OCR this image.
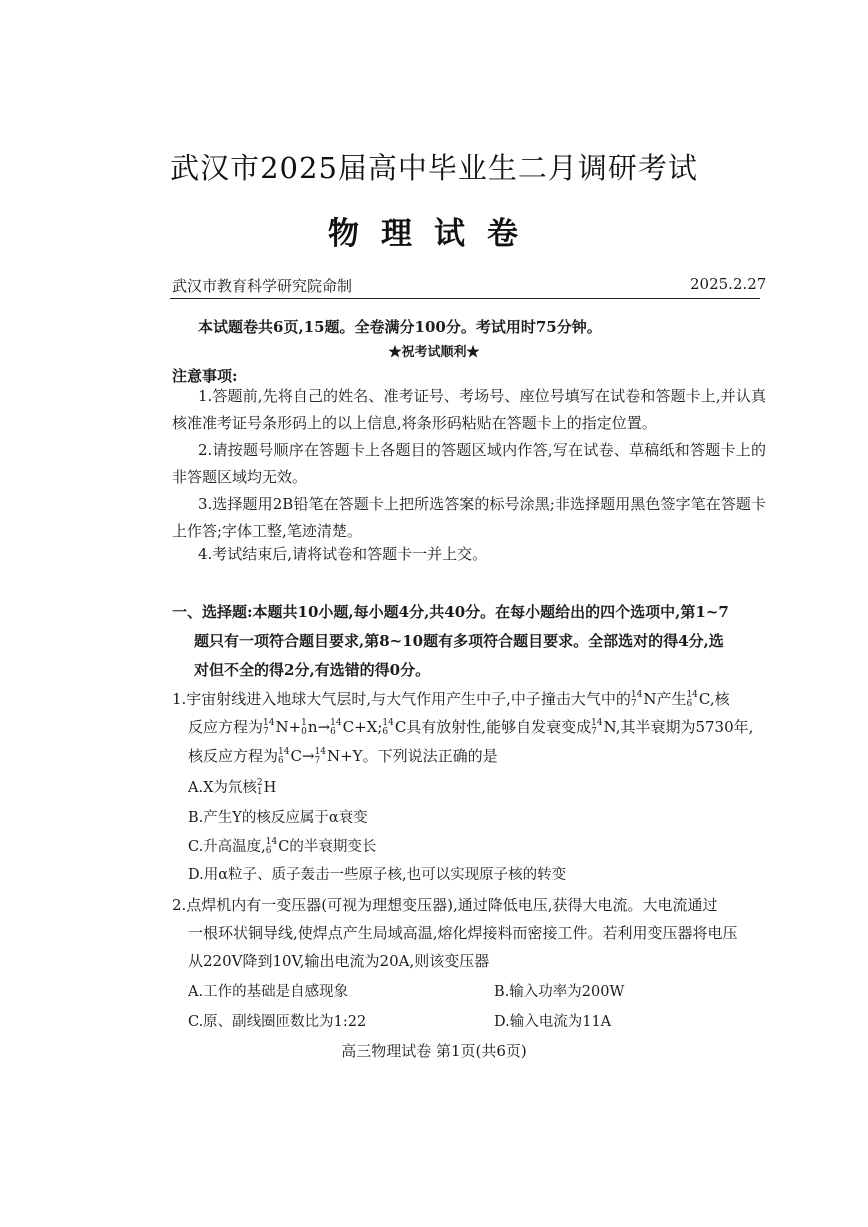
武汉市2025届高中毕业生二月调研考试
物理试卷
武汉市教育科学研究院命制	2025.2.27
本试题卷共6页,15题。全卷满分100分。考试用时75分钟。
★祝考试顺利★
注意事项:
1.答题前,先将自己的姓名、准考证号、考场号、座位号填写在试卷和答题卡上,并认真核准准考证号条形码上的以上信息,将条形码粘贴在答题卡上的指定位置。
2.请按题号顺序在答题卡上各题目的答题区域内作答,写在试卷、草稿纸和答题卡上的非答题区域均无效。
3.选择题用2B铅笔在答题卡上把所选答案的标号涂黑;非选择题用黑色签字笔在答题卡上作答;字体工整,笔迹清楚。
4.考试结束后,请将试卷和答题卡一并上交。
一、选择题:本题共10小题,每小题4分,共40分。在每小题给出的四个选项中,第1~7
题只有一项符合题目要求,第8~10题有多项符合题目要求。全部选对的得4分,选
对但不全的得2分,有选错的得0分。
1.宇宙射线进入地球大气层时,与大气作用产生中子,中子撞击大气中的 14
7 N产生 14
6 C,核
反应方程为 14
7 N+ 1
0 n→ 14
6 C+X; 14
6 C具有放射性,能够自发衰变成 14
7 N,其半衰期为5730年,
核反应方程为 14
6 C→ 14
7 N+Y。下列说法正确的是
A.X为氘核 2
1 H
B.产生Y的核反应属于α衰变
C.升高温度, 14
6 C的半衰期变长
D.用α粒子、质子轰击一些原子核,也可以实现原子核的转变
2.点焊机内有一变压器(可视为理想变压器),通过降低电压,获得大电流。大电流通过
一根环状铜导线,使焊点产生局域高温,熔化焊接料而密接工件。若利用变压器将电压
从220V降到10V,输出电流为20A,则该变压器
A.工作的基础是自感现象	B.输入功率为200W
C.原、副线圈匝数比为1:22	D.输入电流为11A
高三物理试卷 第1页(共6页)
